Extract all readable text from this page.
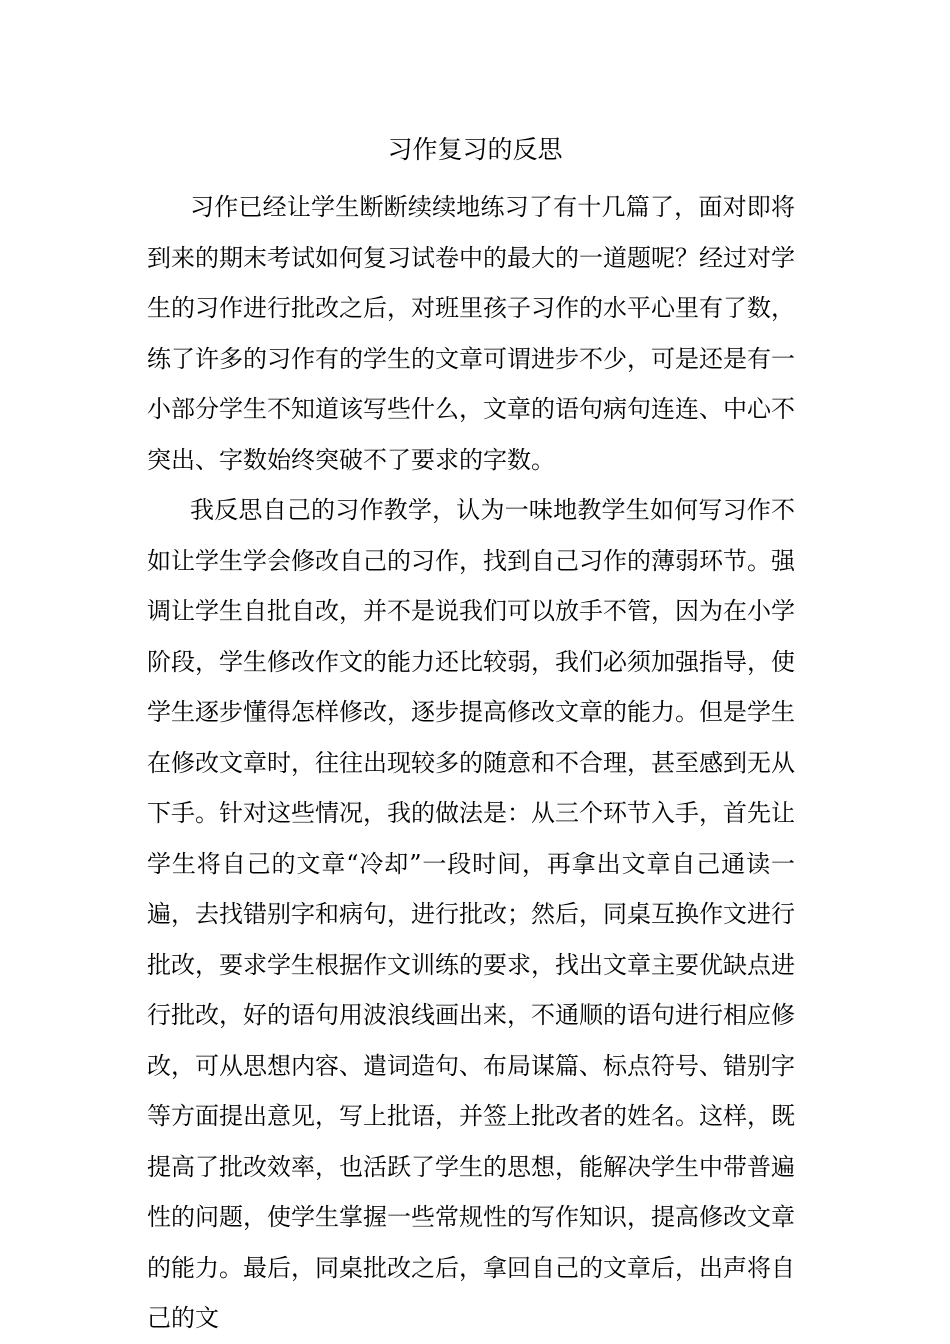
习作复习的反思

习作已经让学生断断续续地练习了有十几篇了，面对即将到来的期末考试如何复习试卷中的最大的一道题呢？经过对学生的习作进行批改之后，对班里孩子习作的水平心里有了数，练了许多的习作有的学生的文章可谓进步不少，可是还是有一小部分学生不知道该写些什么，文章的语句病句连连、中心不突出、字数始终突破不了要求的字数。

我反思自己的习作教学，认为一味地教学生如何写习作不如让学生学会修改自己的习作，找到自己习作的薄弱环节。强调让学生自批自改，并不是说我们可以放手不管，因为在小学阶段，学生修改作文的能力还比较弱，我们必须加强指导，使学生逐步懂得怎样修改，逐步提高修改文章的能力。但是学生在修改文章时，往往出现较多的随意和不合理，甚至感到无从下手。针对这些情况，我的做法是：从三个环节入手，首先让学生将自己的文章“冷却”一段时间，再拿出文章自己通读一遍，去找错别字和病句，进行批改；然后，同桌互换作文进行批改，要求学生根据作文训练的要求，找出文章主要优缺点进行批改，好的语句用波浪线画出来，不通顺的语句进行相应修改，可从思想内容、遣词造句、布局谋篇、标点符号、错别字等方面提出意见，写上批语，并签上批改者的姓名。这样，既提高了批改效率，也活跃了学生的思想，能解决学生中带普遍性的问题，使学生掌握一些常规性的写作知识，提高修改文章的能力。最后，同桌批改之后，拿回自己的文章后，出声将自己的文
